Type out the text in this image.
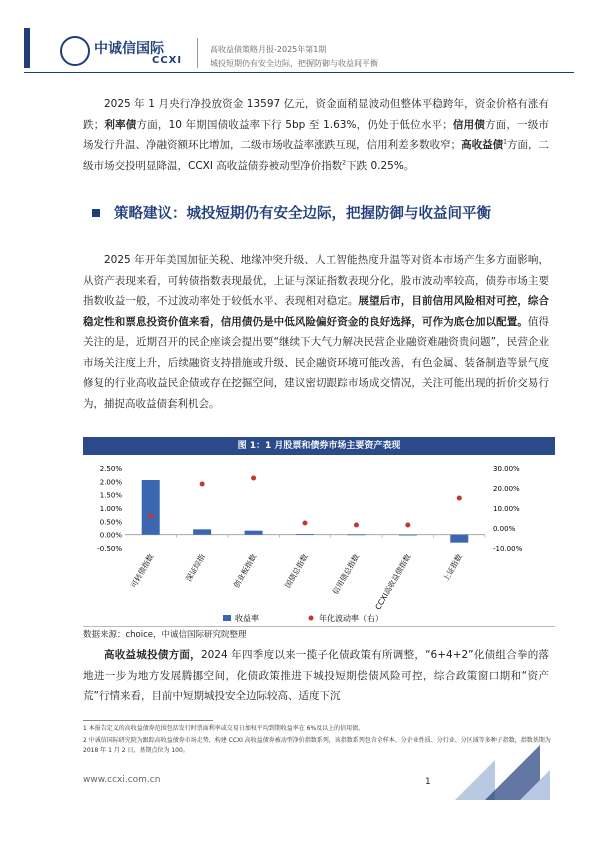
中诚信国际
CCXI
高收益债策略月报-2025年第1期
城投短期仍有安全边际，把握防御与收益间平衡
2025 年 1 月央行净投放资金 13597 亿元，资金面稍显波动但整体平稳跨年，资金价格有涨有跌；利率债方面，10 年期国债收益率下行 5bp 至 1.63%，仍处于低位水平；信用债方面，一级市场发行升温、净融资额环比增加，二级市场收益率涨跌互现，信用利差多数收窄；高收益债$^1$方面，二级市场交投明显降温，CCXI 高收益债券被动型净价指数$^2$下跌 0.25%。
策略建议：城投短期仍有安全边际，把握防御与收益间平衡
2025 年开年美国加征关税、地缘冲突升级、人工智能热度升温等对资本市场产生多方面影响，从资产表现来看，可转债指数表现最优，上证与深证指数表现分化，股市波动率较高，债券市场主要指数收益一般，不过波动率处于较低水平、表现相对稳定。展望后市，目前信用风险相对可控，综合稳定性和票息投资价值来看，信用债仍是中低风险偏好资金的良好选择，可作为底仓加以配置。值得关注的是，近期召开的民企座谈会提出要“继续下大气力解决民营企业融资难融资贵问题”，民营企业市场关注度上升，后续融资支持措施或升级、民企融资环境可能改善，有色金属、装备制造等景气度修复的行业高收益民企债或存在挖掘空间，建议密切跟踪市场成交情况，关注可能出现的折价交易行为，捕捉高收益债套利机会。
图 1：1 月股票和债券市场主要资产表现
2.50%
2.00%
1.50%
1.00%
0.50%
0.00%
-0.50%
30.00%
20.00%
10.00%
0.00%
-10.00%
可转债指数	深证综指	创业板指数	国债总指数	信用债总指数 CCXI高收益债指数	上证指数
收益率	年化波动率（右）
数据来源：choice，中诚信国际研究院整理
高收益城投债方面，2024 年四季度以来一揽子化债政策有所调整，“6+4+2”化债组合拳的落地进一步为地方发展腾挪空间，化债政策推进下城投短期偿债风险可控，综合政策窗口期和“资产荒”行情来看，目前中短期城投安全边际较高、适度下沉
1 本报告定义的高收益债券范围包括发行时票面利率或交易日加权平均到期收益率在 6%及以上的信用债。
2 中诚信国际研究院为跟踪高收益债券市场走势，构建 CCXI 高收益债券被动型净价指数系列，该指数系列包含全样本、分企业性质、分行业、分区域等多种子指数，指数基期为 2018 年 1 月 2 日，基期点位为 100。
www.ccxi.com.cn	1
